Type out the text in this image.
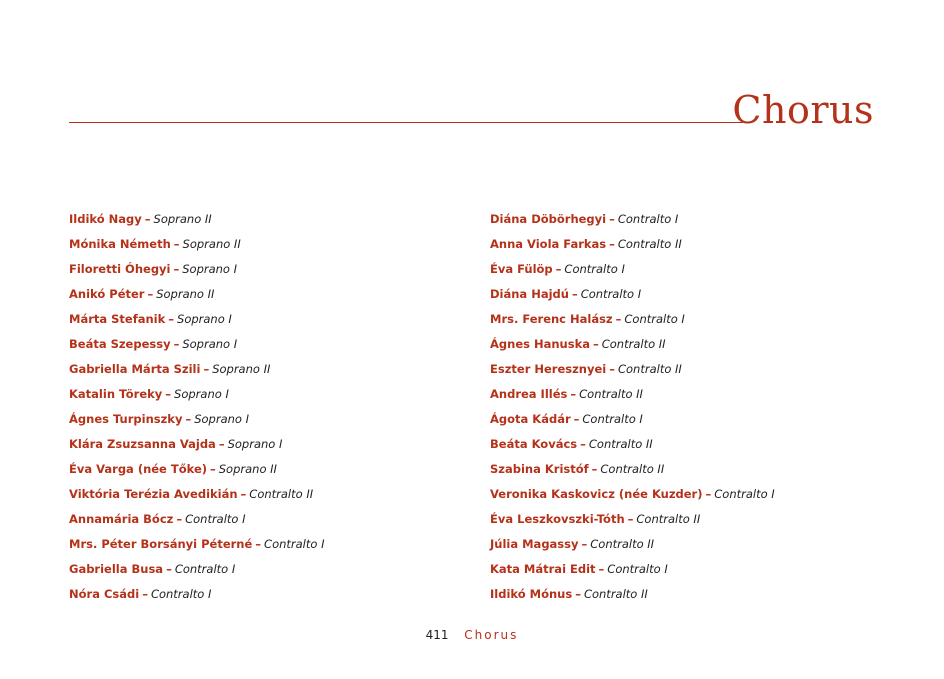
Chorus
Ildikó Nagy – Soprano II
Mónika Németh – Soprano II
Filoretti Óhegyi – Soprano I
Anikó Péter – Soprano II
Márta Stefanik – Soprano I
Beáta Szepessy – Soprano I
Gabriella Márta Szili – Soprano II
Katalin Töreky – Soprano I
Ágnes Turpinszky – Soprano I
Klára Zsuzsanna Vajda – Soprano I
Éva Varga (née Tőke) – Soprano II
Viktória Terézia Avedikián – Contralto II
Annamária Bócz – Contralto I
Mrs. Péter Borsányi Péterné – Contralto I
Gabriella Busa – Contralto I
Nóra Csádi – Contralto I
Diána Döbörhegyi – Contralto I
Anna Viola Farkas – Contralto II
Éva Fülöp – Contralto I
Diána Hajdú – Contralto I
Mrs. Ferenc Halász – Contralto I
Ágnes Hanuska – Contralto II
Eszter Heresznyei – Contralto II
Andrea Illés – Contralto II
Ágota Kádár – Contralto I
Beáta Kovács – Contralto II
Szabina Kristóf – Contralto II
Veronika Kaskovicz (née Kuzder) – Contralto I
Éva Leszkovszki-Tóth – Contralto II
Júlia Magassy – Contralto II
Kata Mátrai Edit – Contralto I
Ildikó Mónus – Contralto II
411 Chorus
